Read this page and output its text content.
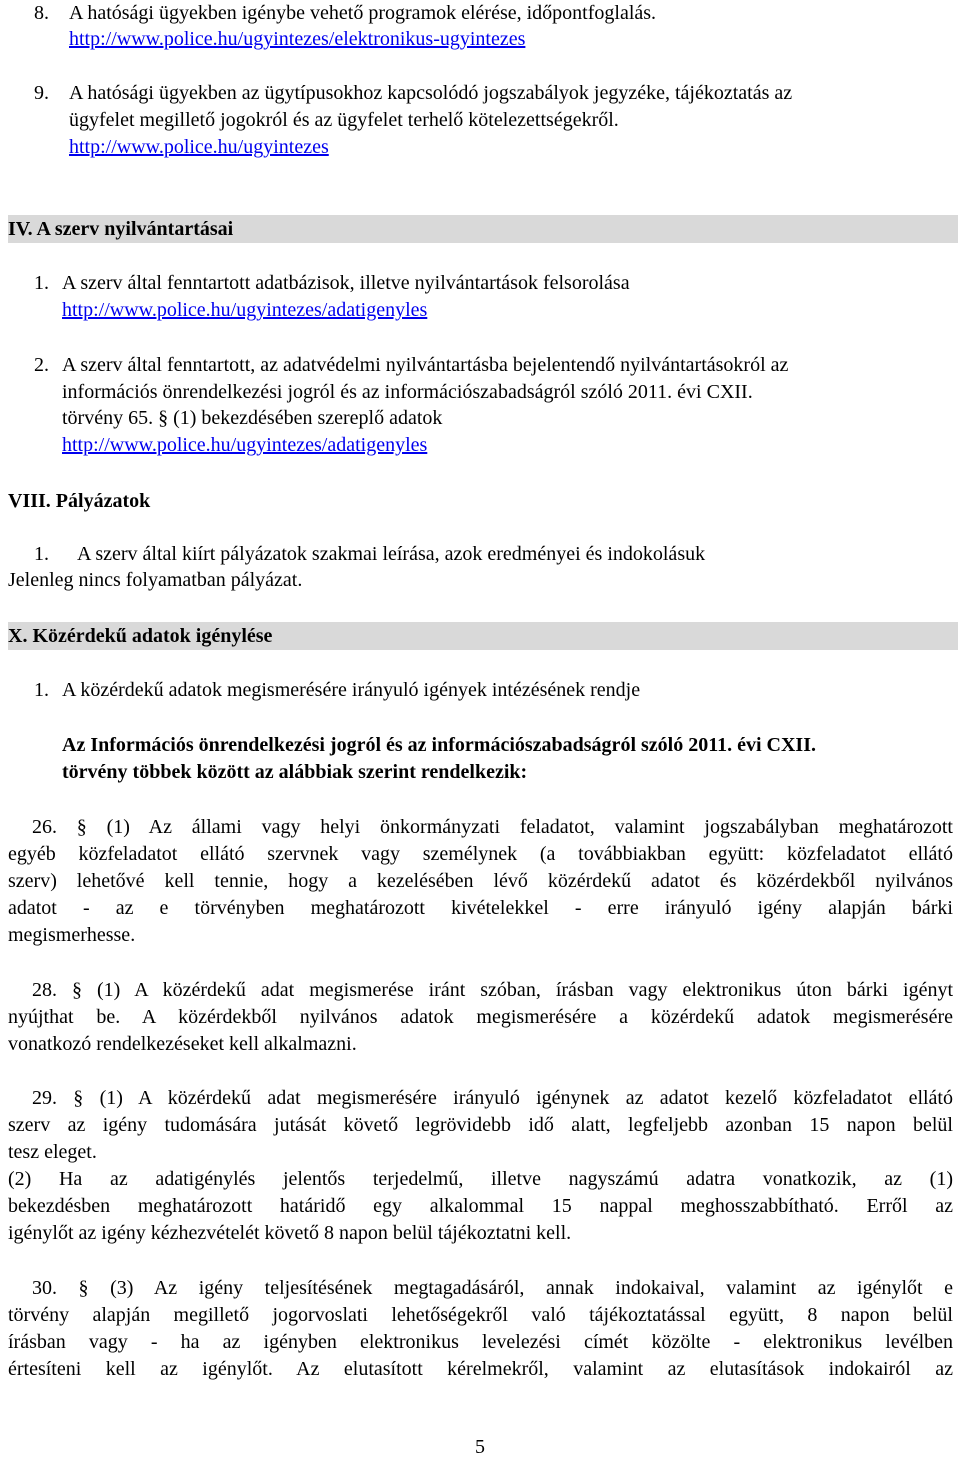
8. A hatósági ügyekben igénybe vehető programok elérése, időpontfoglalás.
http://www.police.hu/ugyintezes/elektronikus-ugyintezes
9. A hatósági ügyekben az ügytípusokhoz kapcsolódó jogszabályok jegyzéke, tájékoztatás az
ügyfelet megillető jogokról és az ügyfelet terhelő kötelezettségekről.
http://www.police.hu/ugyintezes
IV. A szerv nyilvántartásai
1. A szerv által fenntartott adatbázisok, illetve nyilvántartások felsorolása
http://www.police.hu/ugyintezes/adatigenyles
2. A szerv által fenntartott, az adatvédelmi nyilvántartásba bejelentendő nyilvántartásokról az
információs önrendelkezési jogról és az információszabadságról szóló 2011. évi CXII.
törvény 65. § (1) bekezdésében szereplő adatok
http://www.police.hu/ugyintezes/adatigenyles
VIII. Pályázatok
1. A szerv által kiírt pályázatok szakmai leírása, azok eredményei és indokolásuk
Jelenleg nincs folyamatban pályázat.
X. Közérdekű adatok igénylése
1. A közérdekű adatok megismerésére irányuló igények intézésének rendje
Az Információs önrendelkezési jogról és az információszabadságról szóló 2011. évi CXII.
törvény többek között az alábbiak szerint rendelkezik:
26. § (1) Az állami vagy helyi önkormányzati feladatot, valamint jogszabályban meghatározott
egyéb közfeladatot ellátó szervnek vagy személynek (a továbbiakban együtt: közfeladatot ellátó
szerv) lehetővé kell tennie, hogy a kezelésében lévő közérdekű adatot és közérdekből nyilvános
adatot - az e törvényben meghatározott kivételekkel - erre irányuló igény alapján bárki
megismerhesse.
28. § (1) A közérdekű adat megismerése iránt szóban, írásban vagy elektronikus úton bárki igényt
nyújthat be. A közérdekből nyilvános adatok megismerésére a közérdekű adatok megismerésére
vonatkozó rendelkezéseket kell alkalmazni.
29. § (1) A közérdekű adat megismerésére irányuló igénynek az adatot kezelő közfeladatot ellátó
szerv az igény tudomására jutását követő legrövidebb idő alatt, legfeljebb azonban 15 napon belül
tesz eleget.
(2) Ha az adatigénylés jelentős terjedelmű, illetve nagyszámú adatra vonatkozik, az (1)
bekezdésben meghatározott határidő egy alkalommal 15 nappal meghosszabbítható. Erről az
igénylőt az igény kézhezvételét követő 8 napon belül tájékoztatni kell.
30. § (3) Az igény teljesítésének megtagadásáról, annak indokaival, valamint az igénylőt e
törvény alapján megillető jogorvoslati lehetőségekről való tájékoztatással együtt, 8 napon belül
írásban vagy - ha az igényben elektronikus levelezési címét közölte - elektronikus levélben
értesíteni kell az igénylőt. Az elutasított kérelmekről, valamint az elutasítások indokairól az
5
